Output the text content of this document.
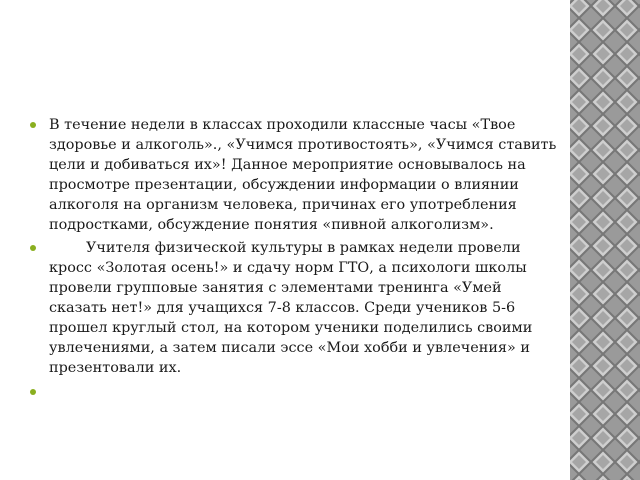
В течение недели в классах проходили классные часы «Твое здоровье и алкоголь»., «Учимся противостоять», «Учимся ставить цели и добиваться их»! Данное мероприятие основывалось на просмотре презентации, обсуждении информации о влиянии алкоголя на организм человека, причинах его употребления подростками, обсуждение понятия «пивной алкоголизм».
Учителя физической культуры в рамках недели провели кросс «Золотая осень!» и сдачу норм ГТО, а психологи школы провели групповые занятия с элементами тренинга «Умей сказать нет!» для учащихся 7-8 классов. Среди учеников 5-6 прошел круглый стол, на котором ученики поделились своими увлечениями, а затем писали эссе «Мои хобби и увлечения» и презентовали их.
